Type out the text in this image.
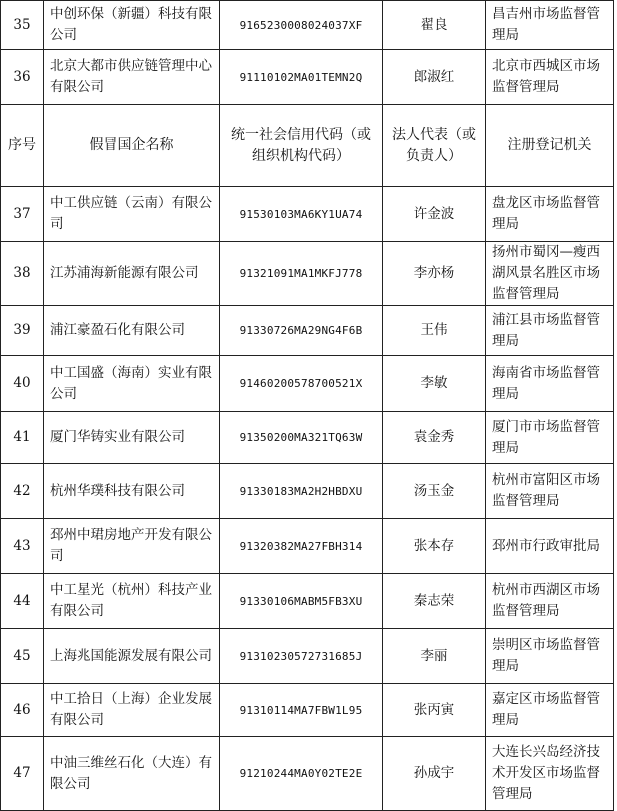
35	中创环保（新疆）科技有限公司	9165230008024037XF	翟良	昌吉州市场监督管理局
36	北京大都市供应链管理中心有限公司	91110102MA01TEMN2Q	郎淑红	北京市西城区市场监督管理局
序号	假冒国企名称	统一社会信用代码（或组织机构代码）	法人代表（或负责人）	注册登记机关
37	中工供应链（云南）有限公司	91530103MA6KY1UA74	许金波	盘龙区市场监督管理局
38	江苏浦海新能源有限公司	91321091MA1MKFJ778	李亦杨	扬州市蜀冈—瘦西湖风景名胜区市场监督管理局
39	浦江豪盈石化有限公司	91330726MA29NG4F6B	王伟	浦江县市场监督管理局
40	中工国盛（海南）实业有限公司	914602005787005​21X	李敏	海南省市场监督管理局
41	厦门华铸实业有限公司	91350200MA321TQ63W	袁金秀	厦门市市场监督管理局
42	杭州华璞科技有限公司	91330183MA2H2HBDXU	汤玉金	杭州市富阳区市场监督管理局
43	邳州中珺房地产开发有限公司	91320382MA27FBH314	张本存	邳州市行政审批局
44	中工星光（杭州）科技产业有限公司	91330106MABM5FB3XU	秦志荣	杭州市西湖区市场监督管理局
45	上海兆国能源发展有限公司	91310230572731685J	李丽	崇明区市场监督管理局
46	中工拾日（上海）企业发展有限公司	91310114MA7FBW1L95	张丙寅	嘉定区市场监督管理局
47	中油三维丝石化（大连）有限公司	91210244MA0Y02TE2E	孙成宇	大连长兴岛经济技术开发区市场监督管理局
